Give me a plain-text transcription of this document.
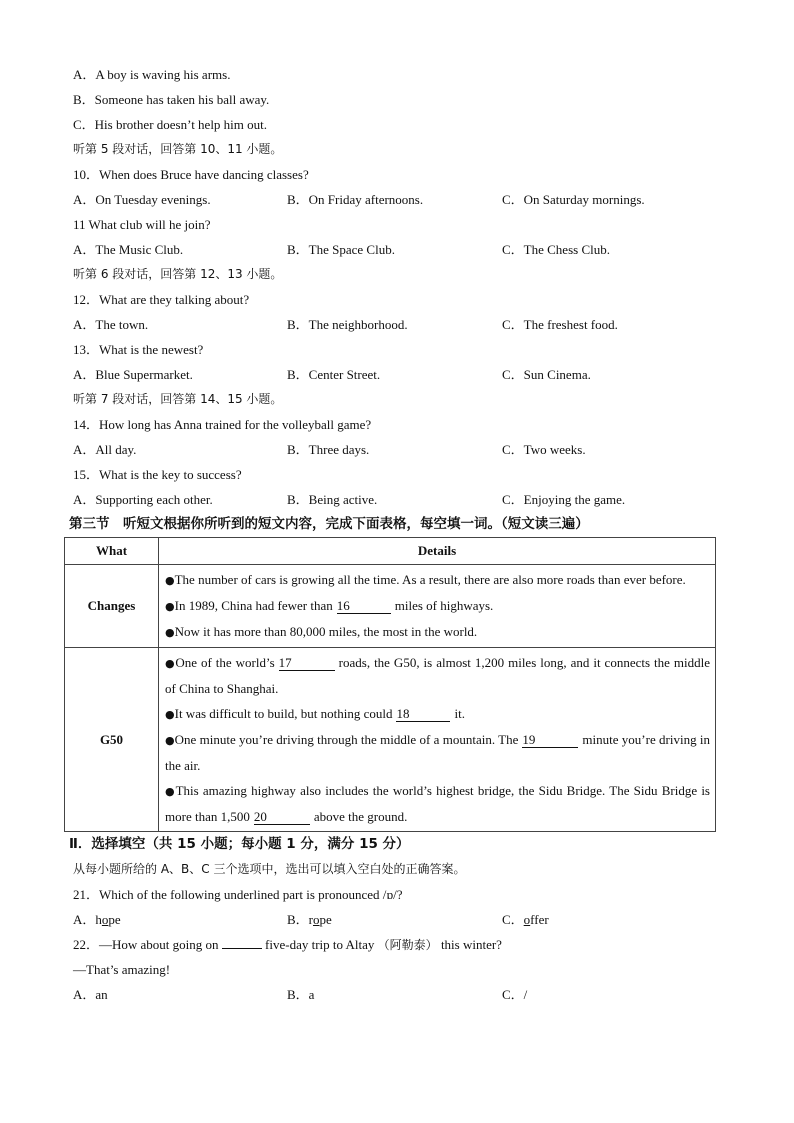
A．A boy is waving his arms.
B．Someone has taken his ball away.
C．His brother doesn’t help him out.
听第 5 段对话，回答第 10、11 小题。
10．When does Bruce have dancing classes?
A．On Tuesday evenings.	B．On Friday afternoons.	C．On Saturday mornings.
11 What club will he join?
A．The Music Club.	B．The Space Club.	C．The Chess Club.
听第 6 段对话，回答第 12、13 小题。
12．What are they talking about?
A．The town.	B．The neighborhood.	C．The freshest food.
13．What is the newest?
A．Blue Supermarket.	B．Center Street.	C．Sun Cinema.
听第 7 段对话，回答第 14、15 小题。
14．How long has Anna trained for the volleyball game?
A．All day.	B．Three days.	C．Two weeks.
15．What is the key to success?
A．Supporting each other.	B．Being active.	C．Enjoying the game.
第三节　听短文根据你所听到的短文内容，完成下面表格，每空填一词。（短文读三遍）
What	Details
Changes	●The number of cars is growing all the time. As a result, there are also more roads than ever before.
●In 1989, China had fewer than 16 miles of highways.
●Now it has more than 80,000 miles, the most in the world.

G50	●One of the world’s 17 roads, the G50, is almost 1,200 miles long, and it connects the middle of China to Shanghai.
●It was difficult to build, but nothing could 18 it.
●One minute you’re driving through the middle of a mountain. The 19 minute you’re driving in the air.
●This amazing highway also includes the world’s highest bridge, the Sidu Bridge. The Sidu Bridge is more than 1,500 20 above the ground.
Ⅱ．选择填空（共 15 小题；每小题 1 分，满分 15 分）
从每小题所给的 A、B、C 三个选项中，选出可以填入空白处的正确答案。
21．Which of the following underlined part is pronounced /ɒ/?
A．hope	B．rope	C．offer
22．—How about going on	five-day trip to Altay （阿勒泰） this winter?
—That’s amazing!
A．an	B．a	C．/
